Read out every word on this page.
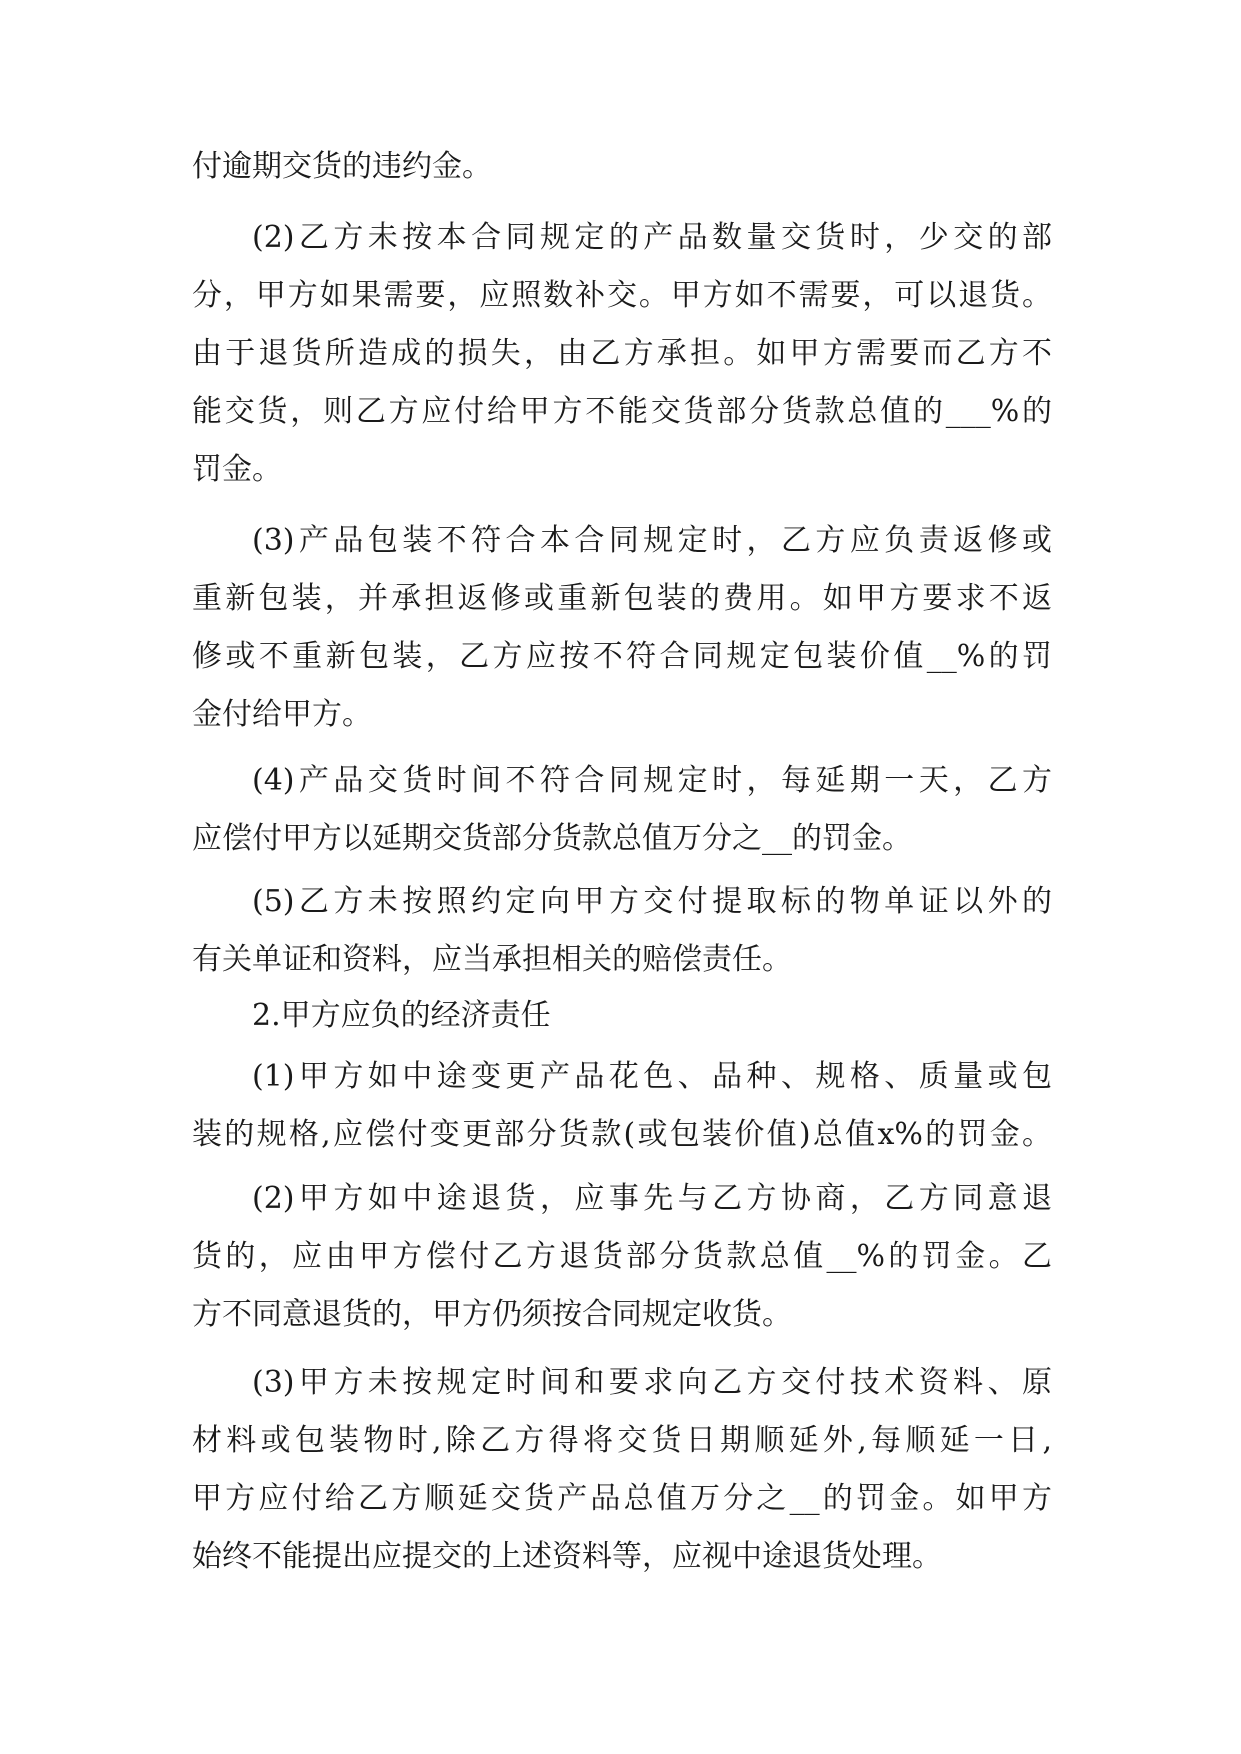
付逾期交货的违约金。
(2)乙方未按本合同规定的产品数量交货时，少交的部
分，甲方如果需要，应照数补交。甲方如不需要，可以退货。
由于退货所造成的损失，由乙方承担。如甲方需要而乙方不
能交货，则乙方应付给甲方不能交货部分货款总值的___%的
罚金。
(3)产品包装不符合本合同规定时，乙方应负责返修或
重新包装，并承担返修或重新包装的费用。如甲方要求不返
修或不重新包装，乙方应按不符合同规定包装价值__%的罚
金付给甲方。
(4)产品交货时间不符合同规定时，每延期一天，乙方
应偿付甲方以延期交货部分货款总值万分之__的罚金。
(5)乙方未按照约定向甲方交付提取标的物单证以外的
有关单证和资料，应当承担相关的赔偿责任。
2.甲方应负的经济责任
(1)甲方如中途变更产品花色、品种、规格、质量或包
装的规格,应偿付变更部分货款(或包装价值)总值x%的罚金。
(2)甲方如中途退货，应事先与乙方协商，乙方同意退
货的，应由甲方偿付乙方退货部分货款总值__%的罚金。乙
方不同意退货的，甲方仍须按合同规定收货。
(3)甲方未按规定时间和要求向乙方交付技术资料、原
材料或包装物时,除乙方得将交货日期顺延外,每顺延一日,
甲方应付给乙方顺延交货产品总值万分之__的罚金。如甲方
始终不能提出应提交的上述资料等，应视中途退货处理。
